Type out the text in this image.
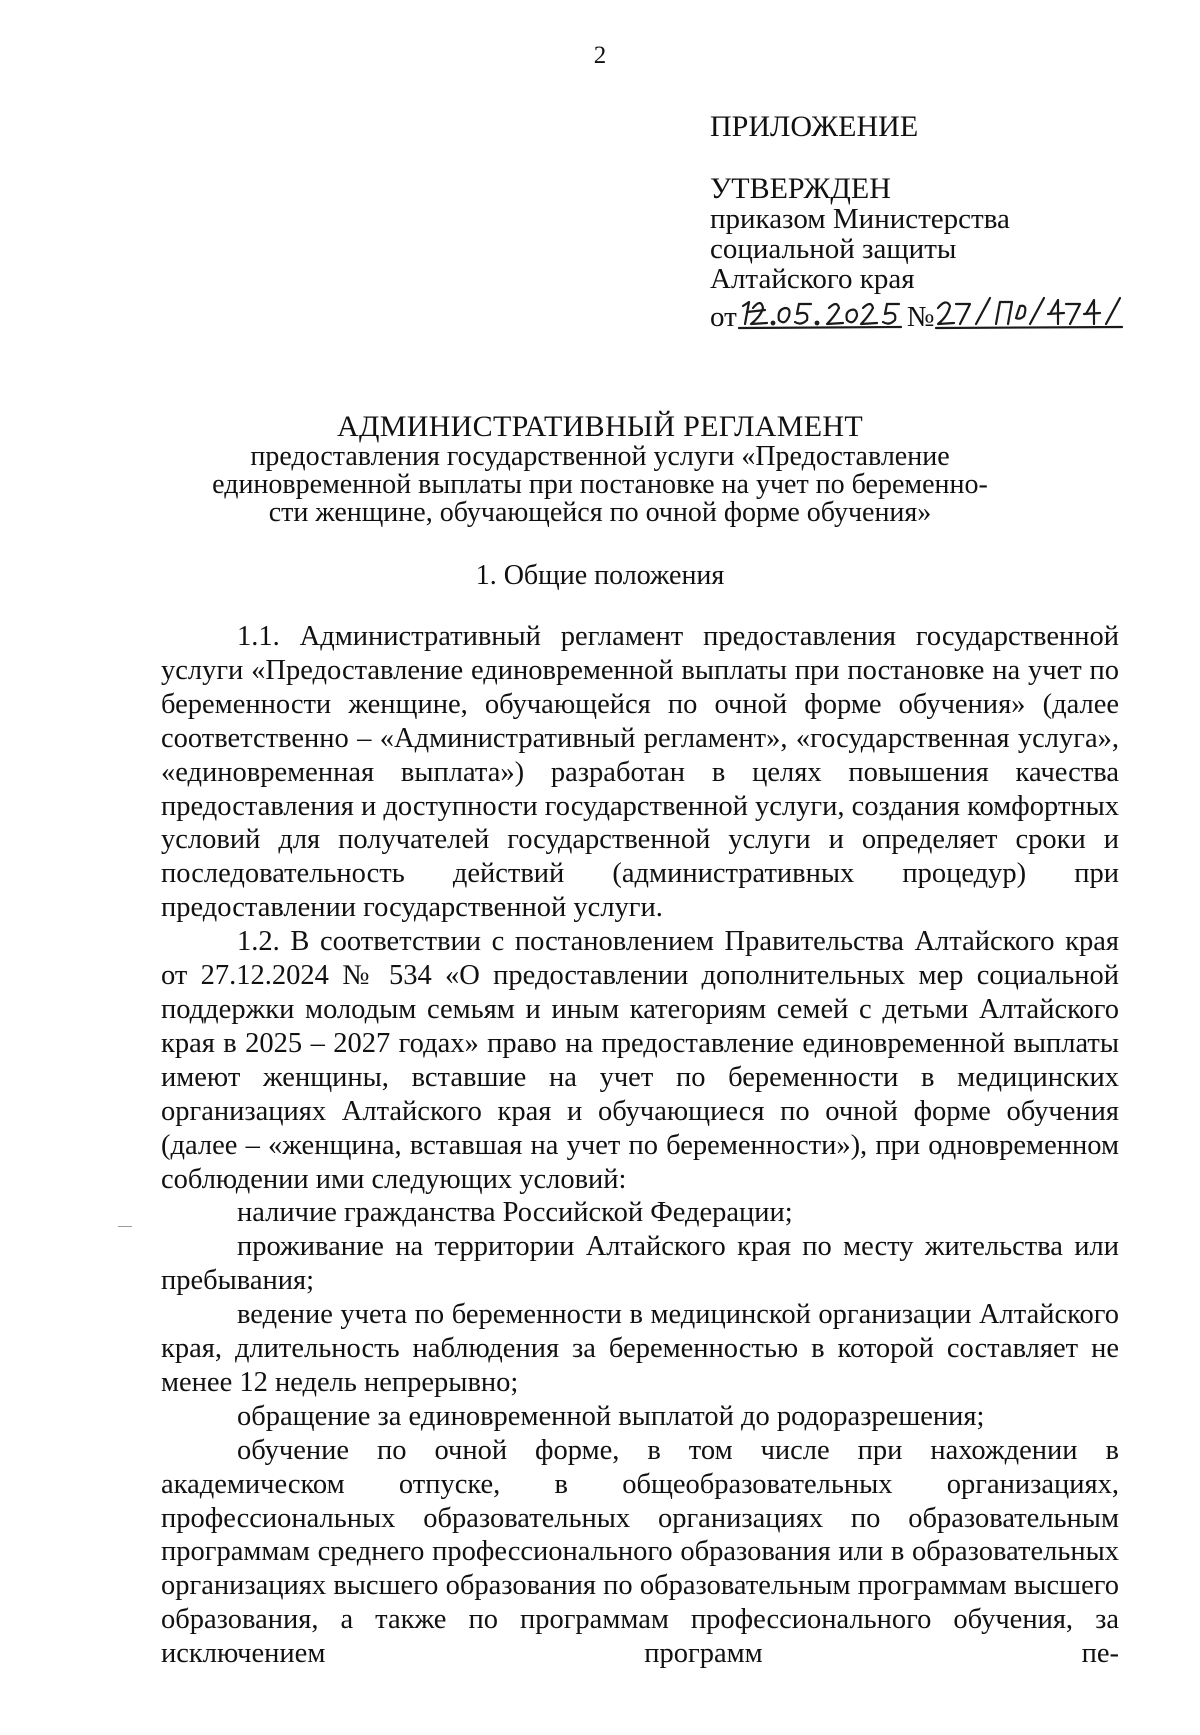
2
ПРИЛОЖЕНИЕ
УТВЕРЖДЕН
приказом Министерства
социальной защиты
Алтайского края
от	№
АДМИНИСТРАТИВНЫЙ РЕГЛАМЕНТ
предоставления государственной услуги «Предоставление
единовременной выплаты при постановке на учет по беременно-
сти женщине, обучающейся по очной форме обучения»
1. Общие положения

1.1. Административный регламент предоставления государственной услуги «Предоставление единовременной выплаты при постановке на учет по беременности женщине, обучающейся по очной форме обучения» (далее соответственно – «Административный регламент», «государственная услуга», «единовременная выплата») разработан в целях повышения качества предоставления и доступности государственной услуги, создания комфортных условий для получателей государственной услуги и определяет сроки и последовательность действий (административных процедур) при предоставлении государственной услуги.

1.2. В соответствии с постановлением Правительства Алтайского края от 27.12.2024 № 534 «О предоставлении дополнительных мер социальной поддержки молодым семьям и иным категориям семей с детьми Алтайского края в 2025 – 2027 годах» право на предоставление единовременной выплаты имеют женщины, вставшие на учет по беременности в медицинских организациях Алтайского края и обучающиеся по очной форме обучения (далее – «женщина, вставшая на учет по беременности»), при одновременном соблюдении ими следующих условий:

наличие гражданства Российской Федерации;

проживание на территории Алтайского края по месту жительства или пребывания;

ведение учета по беременности в медицинской организации Алтайского края, длительность наблюдения за беременностью в которой составляет не менее 12 недель непрерывно;

обращение за единовременной выплатой до родоразрешения;

обучение по очной форме, в том числе при нахождении в академическом отпуске, в общеобразовательных организациях, профессиональных образовательных организациях по образовательным программам среднего профессионального образования или в образовательных организациях высшего образования по образовательным программам высшего образования, а также по программам профессионального обучения, за исключением программ пе-
